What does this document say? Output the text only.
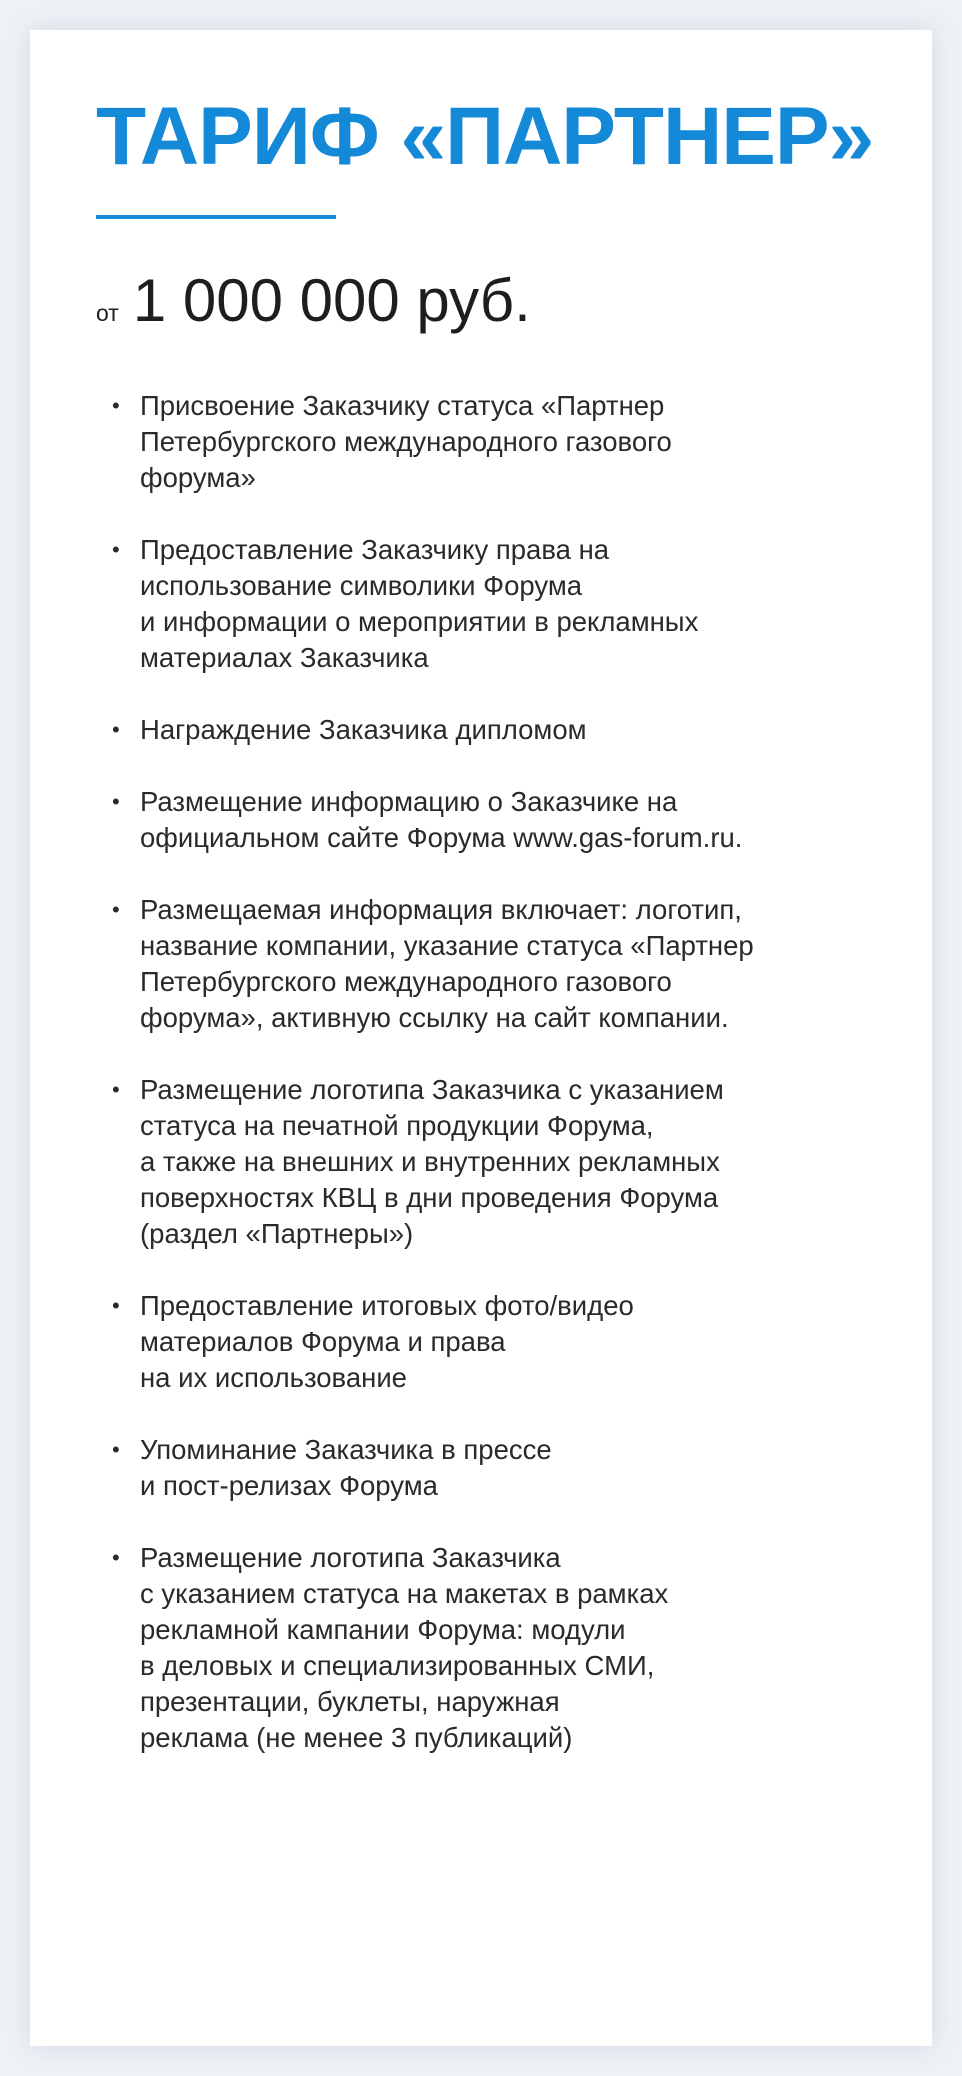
ТАРИФ «ПАРТНЕР»
от 1 000 000 руб.
• Присвоение Заказчику статуса «Партнер
Петербургского международного газового
форума»
• Предоставление Заказчику права на
использование символики Форума
и информации о мероприятии в рекламных
материалах Заказчика
• Награждение Заказчика дипломом
• Размещение информацию о Заказчике на
официальном сайте Форума www.gas-forum.ru.
• Размещаемая информация включает: логотип,
название компании, указание статуса «Партнер
Петербургского международного газового
форума», активную ссылку на сайт компании.
• Размещение логотипа Заказчика с указанием
статуса на печатной продукции Форума,
а также на внешних и внутренних рекламных
поверхностях КВЦ в дни проведения Форума
(раздел «Партнеры»)
• Предоставление итоговых фото/видео
материалов Форума и права
на их использование
• Упоминание Заказчика в прессе
и пост-релизах Форума
• Размещение логотипа Заказчика
с указанием статуса на макетах в рамках
рекламной кампании Форума: модули
в деловых и специализированных СМИ,
презентации, буклеты, наружная
реклама (не менее 3 публикаций)
